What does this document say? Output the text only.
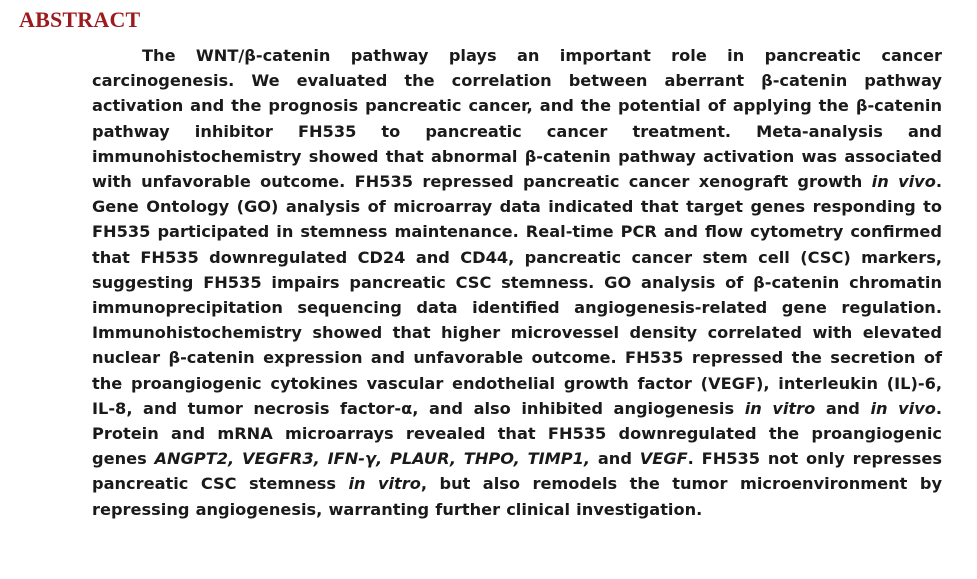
ABSTRACT

The WNT/β-catenin pathway plays an important role in pancreatic cancer carcinogenesis. We evaluated the correlation between aberrant β-catenin pathway activation and the prognosis pancreatic cancer, and the potential of applying the β-catenin pathway inhibitor FH535 to pancreatic cancer treatment. Meta-analysis and immunohistochemistry showed that abnormal β-catenin pathway activation was associated with unfavorable outcome. FH535 repressed pancreatic cancer xenograft growth in vivo. Gene Ontology (GO) analysis of microarray data indicated that target genes responding to FH535 participated in stemness maintenance. Real-time PCR and flow cytometry confirmed that FH535 downregulated CD24 and CD44, pancreatic cancer stem cell (CSC) markers, suggesting FH535 impairs pancreatic CSC stemness. GO analysis of β-catenin chromatin immunoprecipitation sequencing data identified angiogenesis-related gene regulation. Immunohistochemistry showed that higher microvessel density correlated with elevated nuclear β-catenin expression and unfavorable outcome. FH535 repressed the secretion of the proangiogenic cytokines vascular endothelial growth factor (VEGF), interleukin (IL)-6, IL-8, and tumor necrosis factor-α, and also inhibited angiogenesis in vitro and in vivo. Protein and mRNA microarrays revealed that FH535 downregulated the proangiogenic genes ANGPT2, VEGFR3, IFN-γ, PLAUR, THPO, TIMP1, and VEGF. FH535 not only represses pancreatic CSC stemness in vitro, but also remodels the tumor microenvironment by repressing angiogenesis, warranting further clinical investigation.
